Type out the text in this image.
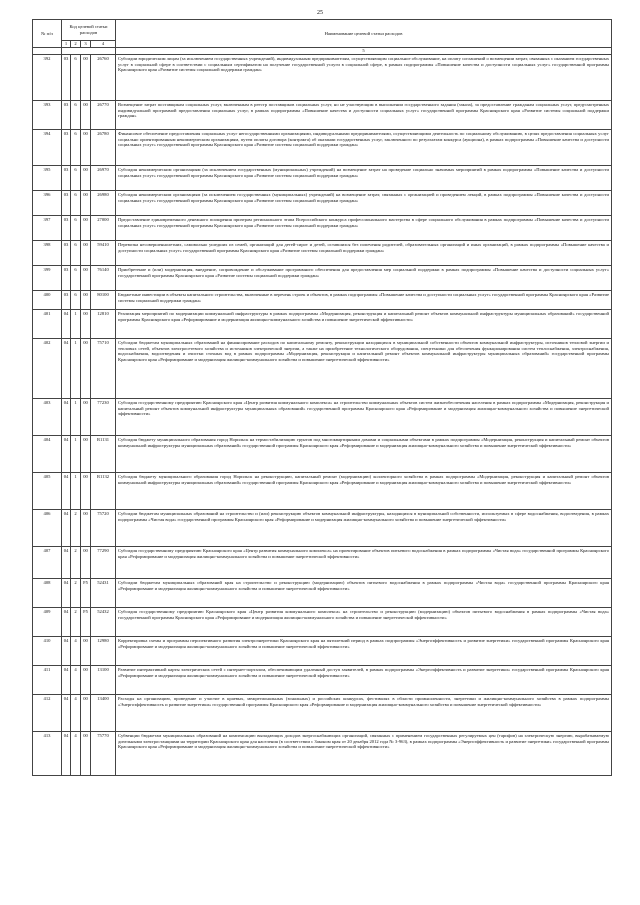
25
№ п/п	Код целевой статьи расходов				Наименование целевой статьи расходов
	1	2	3	4	
					5
392	03	6	00	26760	Субсидии юридическим лицам (за исключением государственных учреждений), индивидуальным предпринимателям, осуществляющим социальное обслуживание, на оплату соглашений о возмещении затрат, связанных с оказанием государственных услуг в социальной сфере в соответствии с социальным сертификатом на получение государственной услуги в социальной сфере, в рамках подпрограммы «Повышение качества и доступности социальных услуг» государственной программы Красноярского края «Развитие системы социальной поддержки граждан»
393	03	6	00	26770	Возмещение затрат поставщикам социальных услуг, включенным в реестр поставщиков социальных услуг, но не участвующим в выполнении государственного задания (заказа), за предоставление гражданам социальных услуг, предусмотренных индивидуальной программой предоставления социальных услуг, в рамках подпрограммы «Повышение качества и доступности социальных услуг» государственной программы Красноярского края «Развитие системы социальной поддержки граждан»
394	03	6	00	26780	Финансовое обеспечение предоставления социальных услуг негосударственными организациями, индивидуальными предпринимателями, осуществляющими деятельность по социальному обслуживанию, в целях предоставления социальных услуг социально ориентированным некоммерческим организациям, путем оплаты договора (контракта) об оказании государственных услуг, заключенного по результатам конкурса (аукциона), в рамках подпрограммы «Повышение качества и доступности социальных услуг» государственной программы Красноярского края «Развитие системы социальной поддержки граждан»
395	03	6	00	26970	Субсидия некоммерческим организациям (за исключением государственных (муниципальных) учреждений) на возмещение затрат на проведение социально значимых мероприятий в рамках подпрограммы «Повышение качества и доступности социальных услуг» государственной программы Красноярского края «Развитие системы социальной поддержки граждан»
396	03	6	00	26980	Субсидия некоммерческим организациям (за исключением государственных (муниципальных) учреждений) на возмещение затрат, связанных с организацией и проведением лекций, в рамках подпрограммы «Повышение качества и доступности социальных услуг» государственной программы Красноярского края «Развитие системы социальной поддержки граждан»
397	03	6	00	27000	Предоставление единовременного денежного поощрения призерам регионального этапа Всероссийского конкурса профессионального мастерства в сфере социального обслуживания в рамках подпрограммы «Повышение качества и доступности социальных услуг» государственной программы Красноярского края «Развитие системы социальной поддержки граждан»
398	03	6	00	59410	Перевозка несовершеннолетних, самовольно ушедших из семей, организаций для детей-сирот и детей, оставшихся без попечения родителей, образовательных организаций и иных организаций, в рамках подпрограммы «Повышение качества и доступности социальных услуг» государственной программы Красноярского края «Развитие системы социальной поддержки граждан»
399	03	6	00	76140	Приобретение и (или) модернизация, внедрение, сопровождение и обслуживание программного обеспечения для предоставления мер социальной поддержки в рамках подпрограммы «Повышение качества и доступности социальных услуг» государственной программы Красноярского края «Развитие системы социальной поддержки граждан»
400	03	6	00	80100	Бюджетные инвестиции в объекты капитального строительства, включенные в перечень строек и объектов, в рамках подпрограммы «Повышение качества и доступности социальных услуг» государственной программы Красноярского края «Развитие системы социальной поддержки граждан»
401	04	1	00	12810	Реализация мероприятий по модернизации коммунальной инфраструктуры в рамках подпрограммы «Модернизация, реконструкция и капитальный ремонт объектов коммунальной инфраструктуры муниципальных образований» государственной программы Красноярского края «Реформирование и модернизация жилищно-коммунального хозяйства и повышение энергетической эффективности»
402	04	1	00	75710	Субсидии бюджетам муниципальных образований на финансирование расходов по капитальному ремонту, реконструкции находящихся в муниципальной собственности объектов коммунальной инфраструктуры, источников тепловой энергии и тепловых сетей, объектов электросетевого хозяйства и источников электрической энергии, а также на приобретение технологического оборудования, спецтехники для обеспечения функционирования систем теплоснабжения, электроснабжения, водоснабжения, водоотведения и очистки сточных вод в рамках подпрограммы «Модернизация, реконструкция и капитальный ремонт объектов коммунальной инфраструктуры муниципальных образований» государственной программы Красноярского края «Реформирование и модернизация жилищно-коммунального хозяйства и повышение энергетической эффективности»
403	04	1	00	77230	Субсидия государственному предприятию Красноярского края «Центр развития коммунального комплекса» на строительство коммунальных объектов систем жизнеобеспечения населения в рамках подпрограммы «Модернизация, реконструкция и капитальный ремонт объектов коммунальной инфраструктуры муниципальных образований» государственной программы Красноярского края «Реформирование и модернизация жилищно-коммунального хозяйства и повышение энергетической эффективности»
404	04	1	00	R1131	Субсидия бюджету муниципального образования город Норильск на термостабилизацию грунтов под многоквартирными домами и социальными объектами в рамках подпрограммы «Модернизация, реконструкция и капитальный ремонт объектов коммунальной инфраструктуры муниципальных образований» государственной программы Красноярского края «Реформирование и модернизация жилищно-коммунального хозяйства и повышение энергетической эффективности»
405	04	1	00	R1132	Субсидия бюджету муниципального образования город Норильск на реконструкцию, капитальный ремонт (модернизацию) коллекторного хозяйства в рамках подпрограммы «Модернизация, реконструкция и капитальный ремонт объектов коммунальной инфраструктуры муниципальных образований» государственной программы Красноярского края «Реформирование и модернизация жилищно-коммунального хозяйства и повышение энергетической эффективности»
406	04	2	00	75720	Субсидии бюджетам муниципальных образований на строительство и (или) реконструкцию объектов коммунальной инфраструктуры, находящихся в муниципальной собственности, используемых в сфере водоснабжения, водоотведения, в рамках подпрограммы «Чистая вода» государственной программы Красноярского края «Реформирование и модернизация жилищно-коммунального хозяйства и повышение энергетической эффективности»
407	04	2	00	77290	Субсидия государственному предприятию Красноярского края «Центр развития коммунального комплекса» на проектирование объектов питьевого водоснабжения в рамках подпрограммы «Чистая вода» государственной программы Красноярского края «Реформирование и модернизация жилищно-коммунального хозяйства и повышение энергетической эффективности»
408	04	2	F5	52431	Субсидии бюджетам муниципальных образований края на строительство и реконструкцию (модернизацию) объектов питьевого водоснабжения в рамках подпрограммы «Чистая вода» государственной программы Красноярского края «Реформирование и модернизация жилищно-коммунального хозяйства и повышение энергетической эффективности»
409	04	2	F5	52432	Субсидия государственному предприятию Красноярского края «Центр развития коммунального комплекса» на строительство и реконструкцию (модернизацию) объектов питьевого водоснабжения в рамках подпрограммы «Чистая вода» государственной программы Красноярского края «Реформирование и модернизация жилищно-коммунального хозяйства и повышение энергетической эффективности»
410	04	4	00	12980	Корректировка схемы и программы перспективного развития электроэнергетики Красноярского края на пятилетний период в рамках подпрограммы «Энергоэффективность и развитие энергетики» государственной программы Красноярского края «Реформирование и модернизация жилищно-коммунального хозяйства и повышение энергетической эффективности»
411	04	4	00	13100	Развитие интерактивной карты электрических сетей с интернет-порталом, обеспечивающим удаленный доступ заявителей, в рамках подпрограммы «Энергоэффективность и развитие энергетики» государственной программы Красноярского края «Реформирование и модернизация жилищно-коммунального хозяйства и повышение энергетической эффективности»
412	04	4	00	13400	Расходы на организацию, проведение и участие в краевых, межрегиональных (зональных) и российских конкурсах, фестивалях в области промышленности, энергетики и жилищно-коммунального хозяйства в рамках подпрограммы «Энергоэффективность и развитие энергетики» государственной программы Красноярского края «Реформирование и модернизация жилищно-коммунального хозяйства и повышение энергетической эффективности»
413	04	4	00	75770	Субвенции бюджетам муниципальных образований на компенсацию выпадающих доходов энергоснабжающих организаций, связанных с применением государственных регулируемых цен (тарифов) на электрическую энергию, вырабатываемую дизельными электростанциями на территории Красноярского края для населения (в соответствии с Законом края от 20 декабря 2012 года № 3-963), в рамках подпрограммы «Энергоэффективность и развитие энергетики» государственной программы Красноярского края «Реформирование и модернизация жилищно-коммунального хозяйства и повышение энергетической эффективности»
